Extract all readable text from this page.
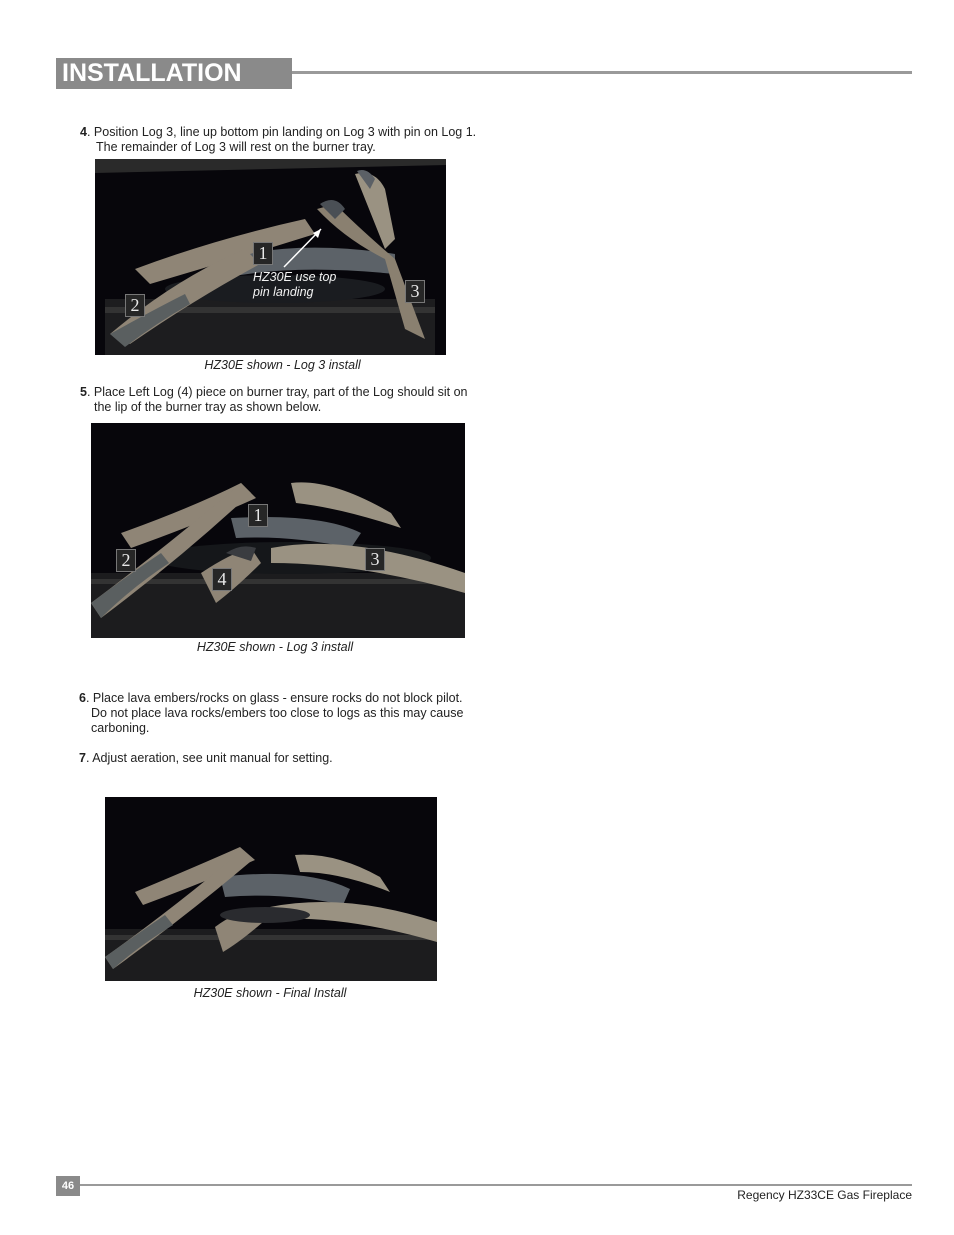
INSTALLATION
4. Position Log 3, line up bottom pin landing on Log 3 with pin on Log 1.
The remainder of Log 3 will rest on the burner tray.
1
2
3
HZ30E use top
pin landing
HZ30E shown - Log 3 install
5. Place Left Log (4) piece on burner tray, part of the Log should sit on
the lip of the burner tray as shown below.
1
2	3
4
HZ30E shown - Log 3 install
6. Place lava embers/rocks on glass - ensure rocks do not block pilot.
Do not place lava rocks/embers too close to logs as this may cause
carboning.
7. Adjust aeration, see unit manual for setting.
HZ30E shown - Final Install
46
Regency HZ33CE Gas Fireplace
